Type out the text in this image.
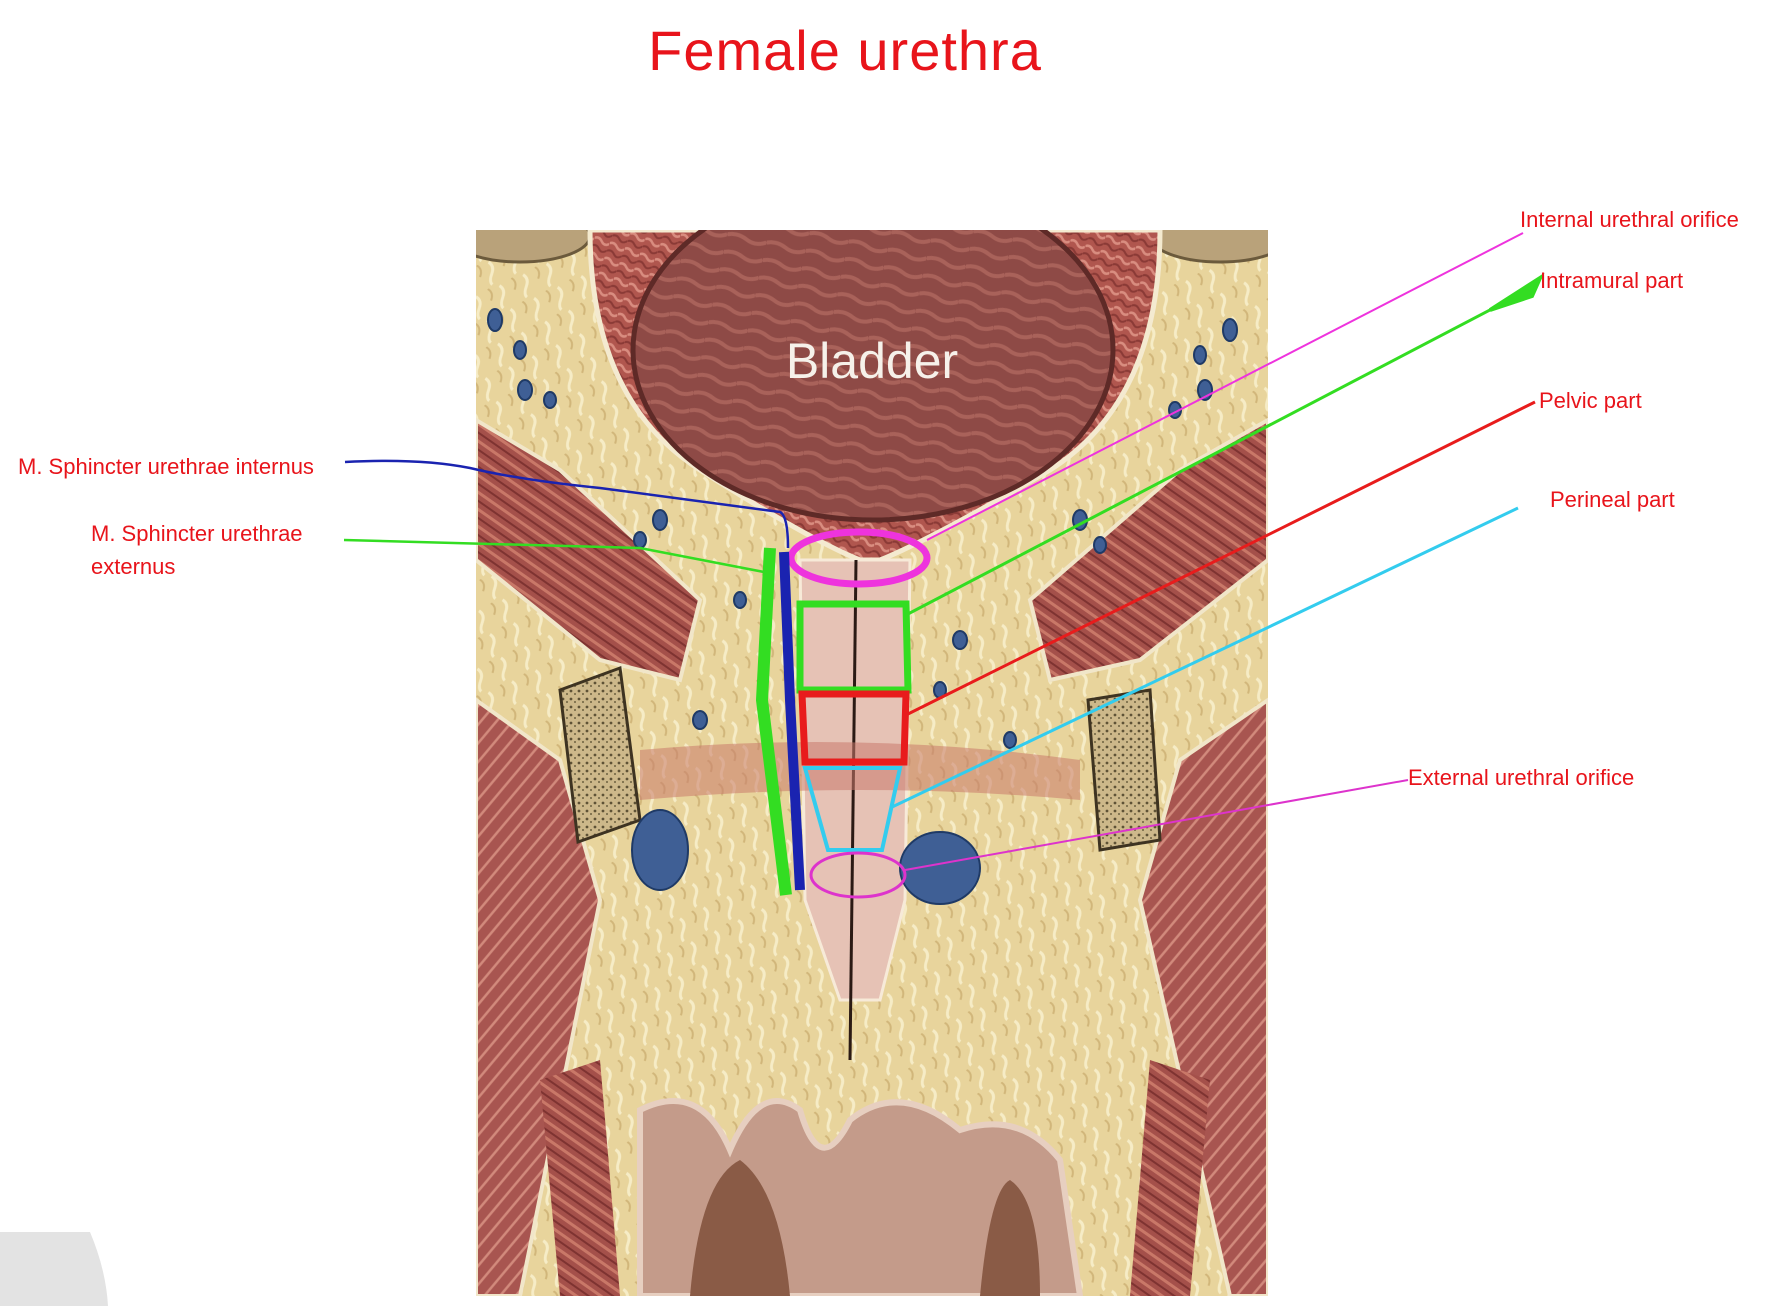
Female urethra
Bladder
Internal urethral orifice
Intramural part
Pelvic part
Perineal part
External urethral orifice
M. Sphincter urethrae internus
M. Sphincter urethrae
externus
